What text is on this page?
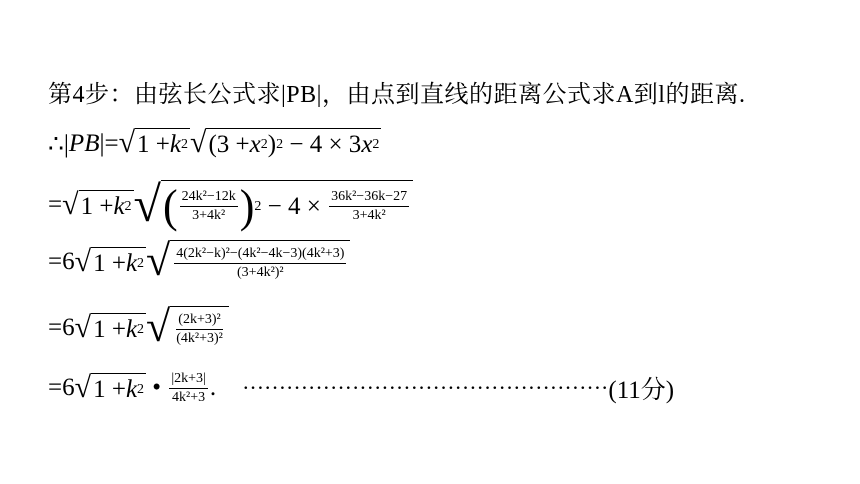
第4步：由弦长公式求|PB|，由点到直线的距离公式求A到l的距离.
∴| PB |= √ 1 + k 2 √ (3 + x 2 ) 2 − 4 × 3 x 2
= √ 1 + k 2 √ ( $\frac{\text{24k²−12k}}{\text{3+4k²}}$ ) $2 - 4 \times \frac{\text{36k²−36k−27}}{\text{3+4k²}}$
=6 √ 1 + k 2 √ $\frac{\text{4(2k²−k)²−(4k²−4k−3)(4k²+3)}}{\text{(3+4k²)²}}$
=6 √ 1 + k 2 √ $\frac{\text{(2k+3)²}}{\text{(4k²+3)²}}$
=6 √ 1 + k 2 • $\frac{|2k+3|}{\text{4k²+3}}$ . ·················································· (11分)
